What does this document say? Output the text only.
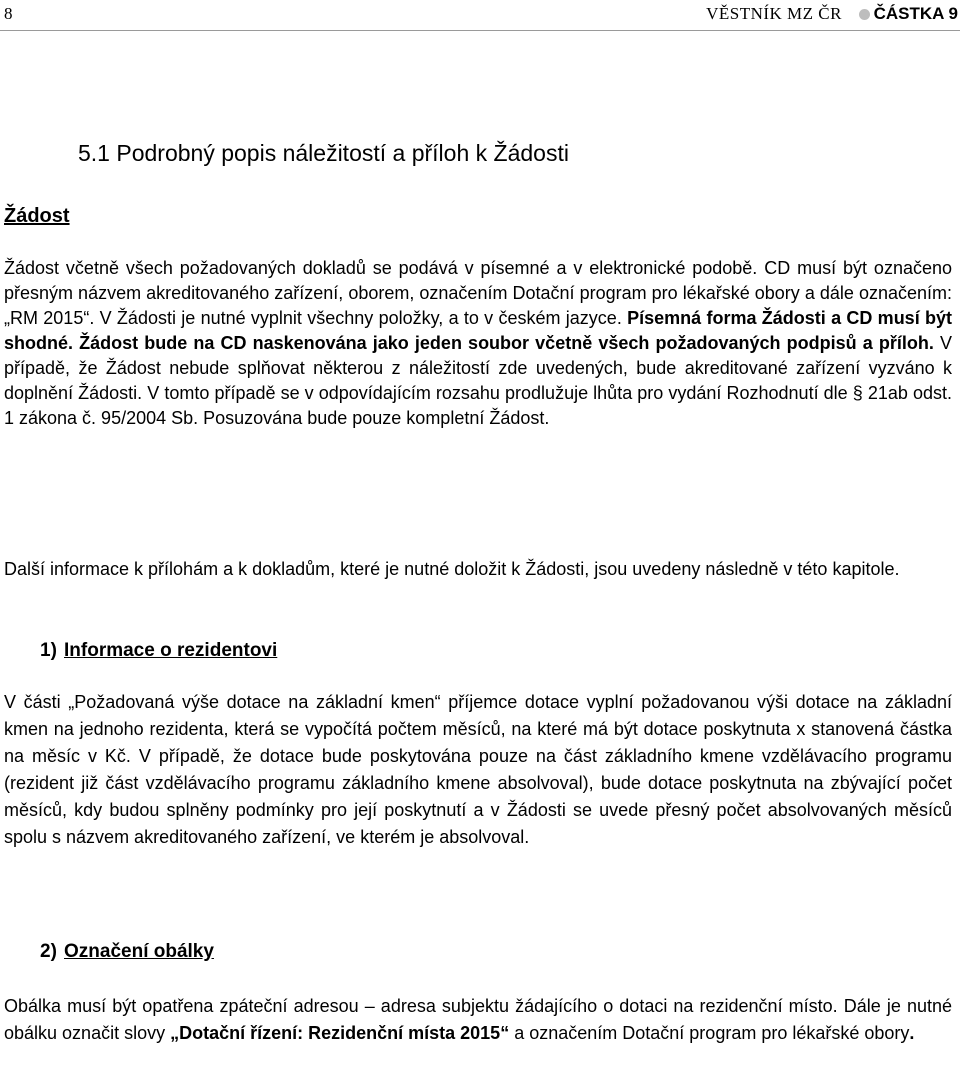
8	VĚSTNÍK MZ ČR ČÁSTKA 9
5.1 Podrobný popis náležitostí a příloh k Žádosti
Žádost

Žádost včetně všech požadovaných dokladů se podává v písemné a v elektronické podobě. CD musí být označeno přesným názvem akreditovaného zařízení, oborem, označením Dotační program pro lékařské obory a dále označením: „RM 2015“. V Žádosti je nutné vyplnit všechny položky, a to v českém jazyce. Písemná forma Žádosti a CD musí být shodné. Žádost bude na CD naskenována jako jeden soubor včetně všech požadovaných podpisů a příloh. V případě, že Žádost nebude splňovat některou z náležitostí zde uvedených, bude akreditované zařízení vyzváno k doplnění Žádosti. V tomto případě se v odpovídajícím rozsahu prodlužuje lhůta pro vydání Rozhodnutí dle § 21ab odst. 1 zákona č. 95/2004 Sb. Posuzována bude pouze kompletní Žádost.

Další informace k přílohám a k dokladům, které je nutné doložit k Žádosti, jsou uvedeny následně v této kapitole.

1) Informace o rezidentovi

V části „Požadovaná výše dotace na základní kmen“ příjemce dotace vyplní požadovanou výši dotace na základní kmen na jednoho rezidenta, která se vypočítá počtem měsíců, na které má být dotace poskytnuta x stanovená částka na měsíc v Kč. V případě, že dotace bude poskytována pouze na část základního kmene vzdělávacího programu (rezident již část vzdělávacího programu základního kmene absolvoval), bude dotace poskytnuta na zbývající počet měsíců, kdy budou splněny podmínky pro její poskytnutí a v Žádosti se uvede přesný počet absolvovaných měsíců spolu s názvem akreditovaného zařízení, ve kterém je absolvoval.

2) Označení obálky

Obálka musí být opatřena zpáteční adresou – adresa subjektu žádajícího o dotaci na rezidenční místo. Dále je nutné obálku označit slovy „Dotační řízení: Rezidenční místa 2015“ a označením Dotační program pro lékařské obory.
